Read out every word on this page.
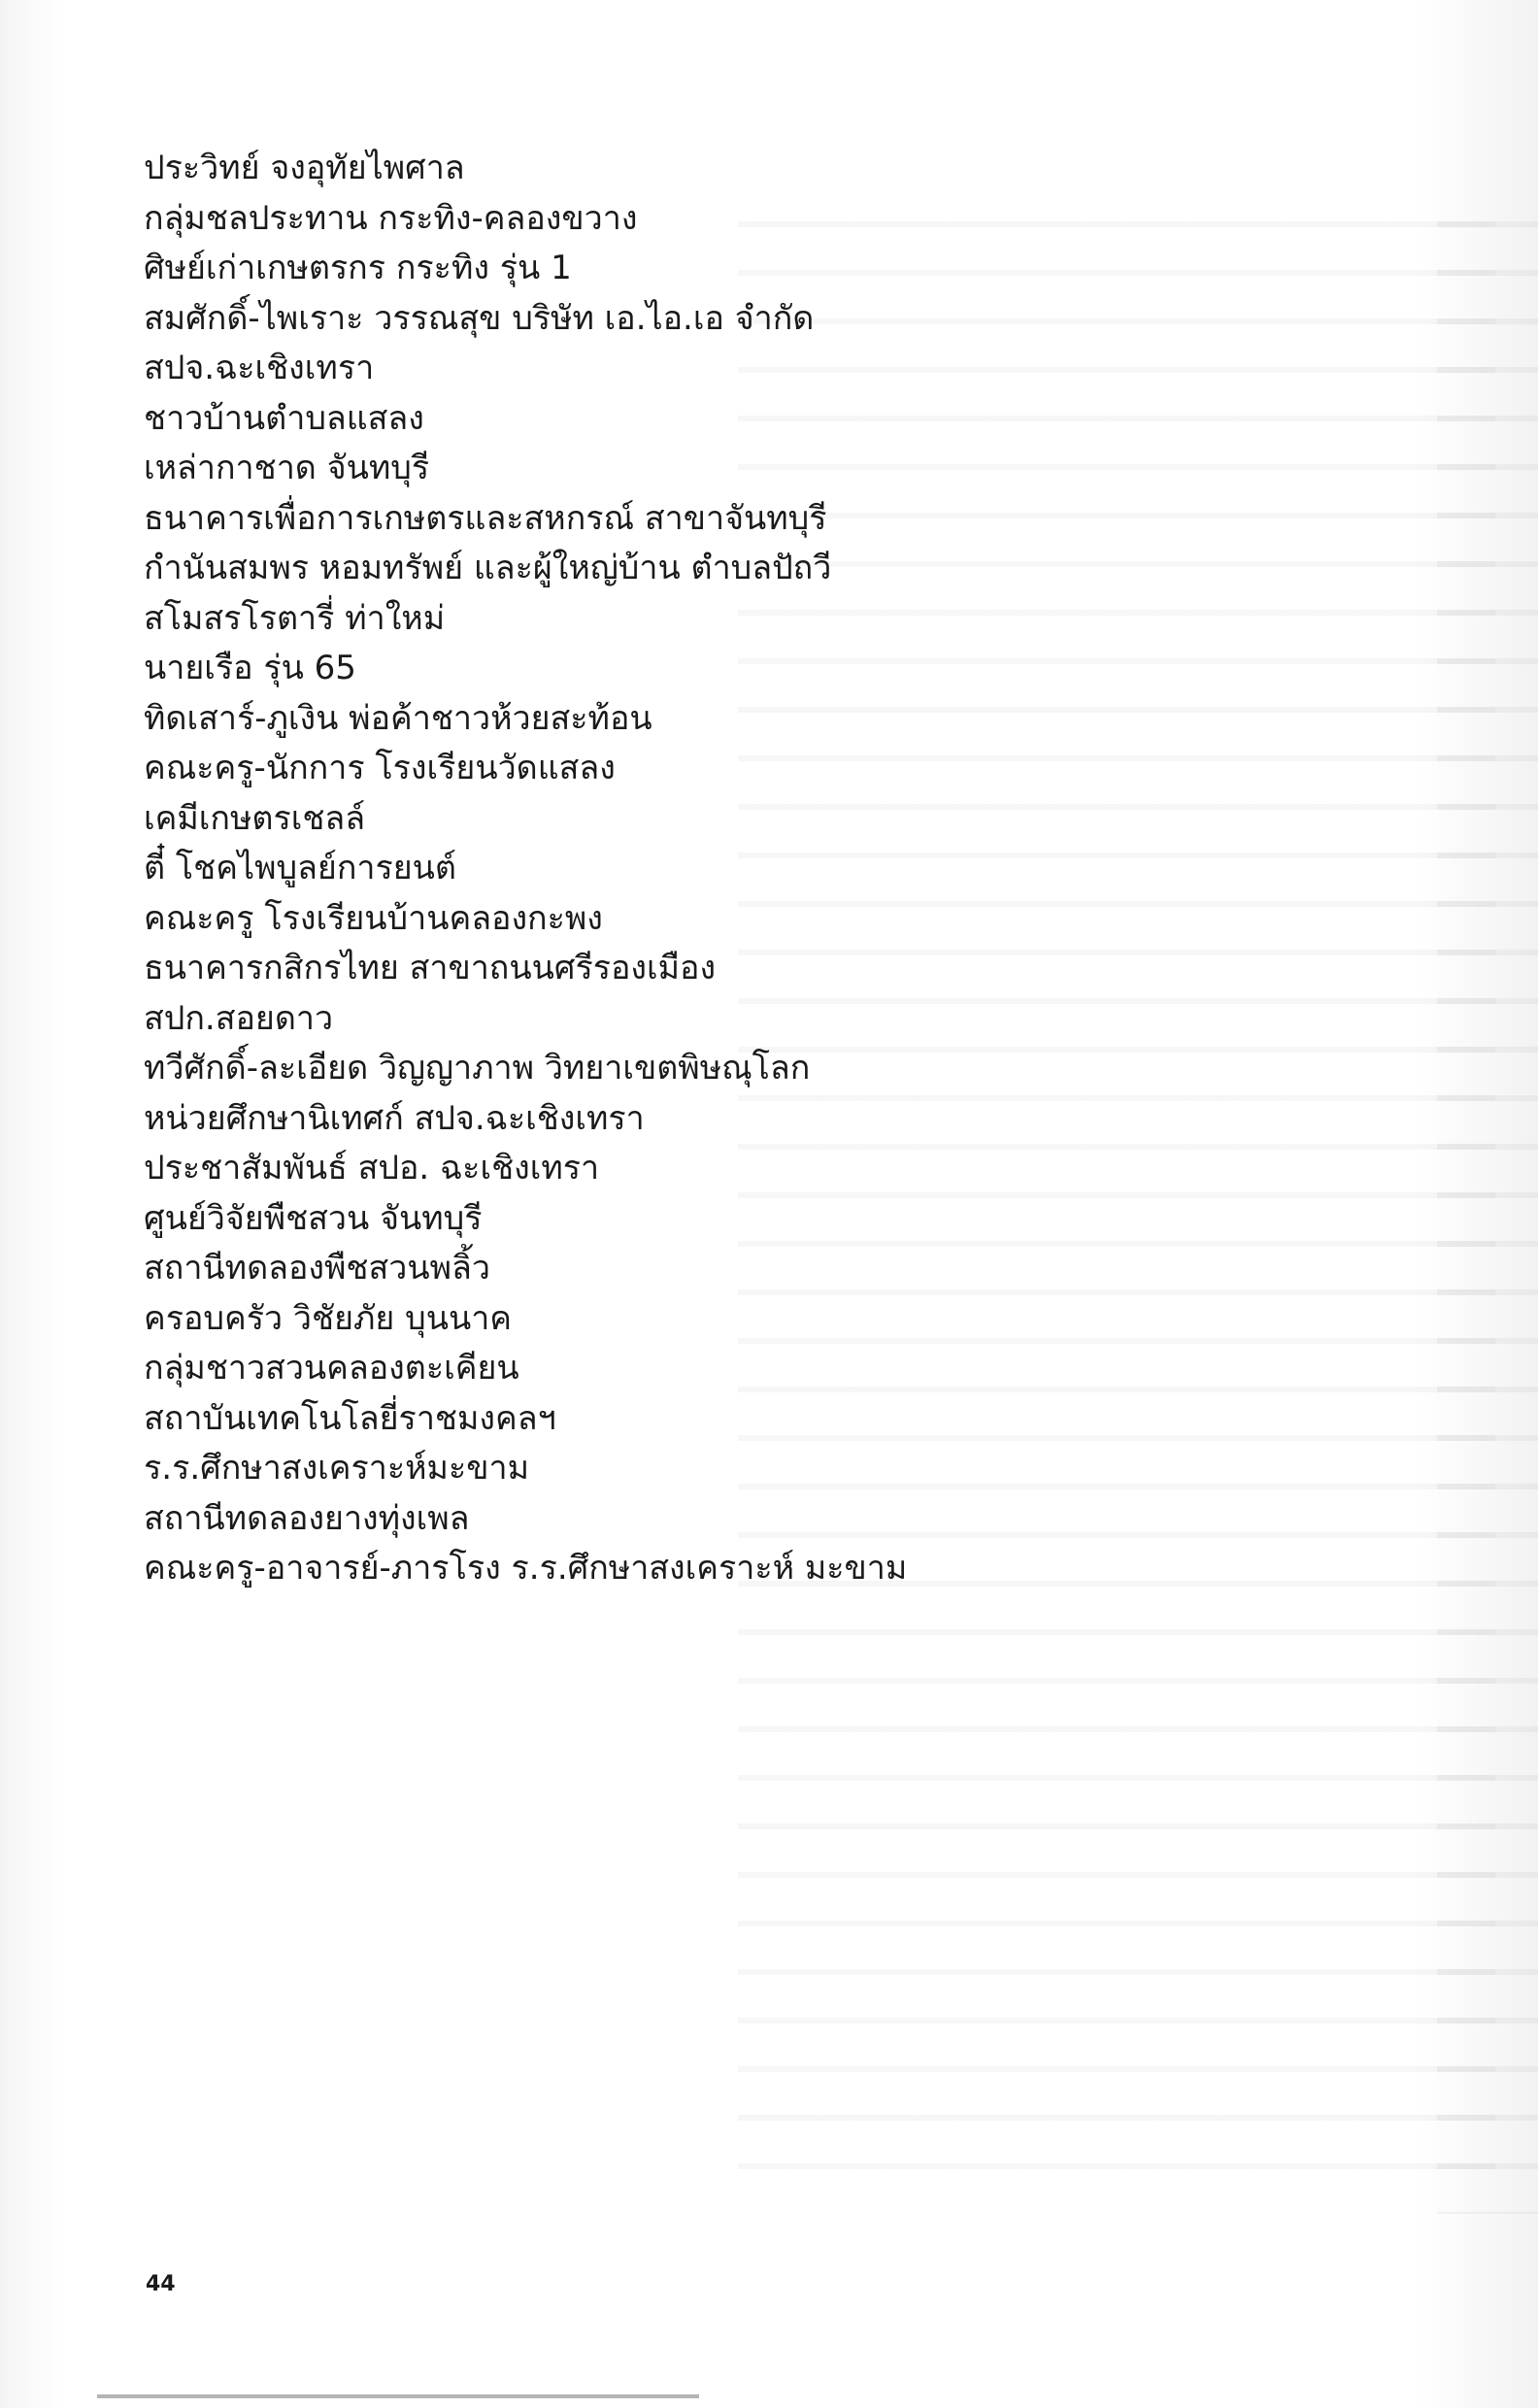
ประวิทย์ จงอุทัยไพศาล
กลุ่มชลประทาน กระทิง-คลองขวาง
ศิษย์เก่าเกษตรกร กระทิง รุ่น 1
สมศักดิ์-ไพเราะ วรรณสุข บริษัท เอ.ไอ.เอ จำกัด
สปจ.ฉะเชิงเทรา
ชาวบ้านตำบลแสลง
เหล่ากาชาด จันทบุรี
ธนาคารเพื่อการเกษตรและสหกรณ์ สาขาจันทบุรี
กำนันสมพร หอมทรัพย์ และผู้ใหญ่บ้าน ตำบลปัถวี
สโมสรโรตารี่ ท่าใหม่
นายเรือ รุ่น 65
ทิดเสาร์-ภูเงิน พ่อค้าชาวห้วยสะท้อน
คณะครู-นักการ โรงเรียนวัดแสลง
เคมีเกษตรเชลล์
ตี๋ โชคไพบูลย์การยนต์
คณะครู โรงเรียนบ้านคลองกะพง
ธนาคารกสิกรไทย สาขาถนนศรีรองเมือง
สปก.สอยดาว
ทวีศักดิ์-ละเอียด วิญญาภาพ วิทยาเขตพิษณุโลก
หน่วยศึกษานิเทศก์ สปจ.ฉะเชิงเทรา
ประชาสัมพันธ์ สปอ. ฉะเชิงเทรา
ศูนย์วิจัยพืชสวน จันทบุรี
สถานีทดลองพืชสวนพลิ้ว
ครอบครัว วิชัยภัย บุนนาค
กลุ่มชาวสวนคลองตะเคียน
สถาบันเทคโนโลยี่ราชมงคลฯ
ร.ร.ศึกษาสงเคราะห์มะขาม
สถานีทดลองยางทุ่งเพล
คณะครู-อาจารย์-ภารโรง ร.ร.ศึกษาสงเคราะห์ มะขาม
44
